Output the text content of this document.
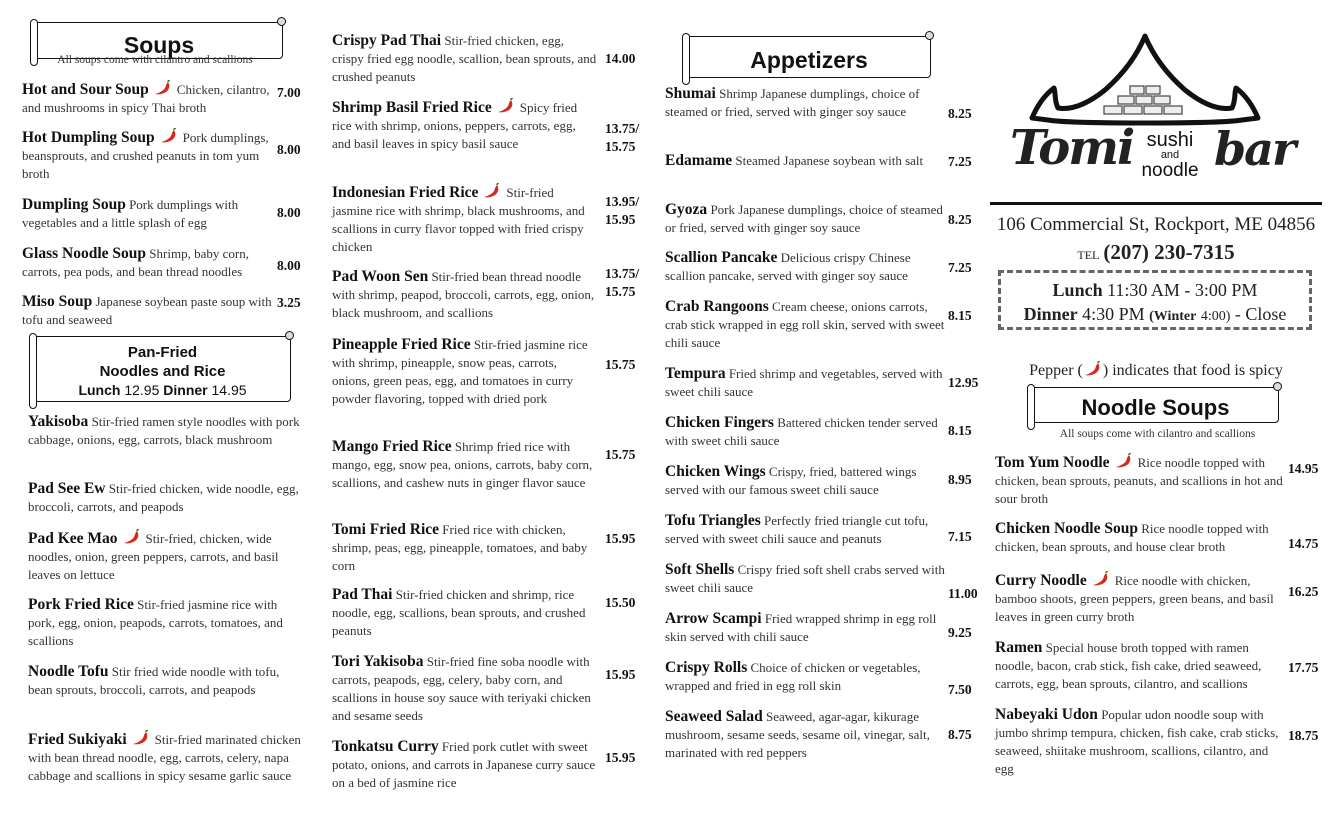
Soups
All soups come with cilantro and scallions
Pan-Fried
Noodles and Rice
Lunch 12.95 Dinner 14.95
Appetizers
Noodle Soups
All soups come with cilantro and scallions
Tomi sushi
and
noodle bar
106 Commercial St, Rockport, ME 04856
TEL (207) 230-7315
Lunch 11:30 AM - 3:00 PM
Dinner 4:30 PM (Winter 4:00) - Close
Pepper ( ) indicates that food is spicy
Hot and Sour Soup Chicken, cilantro, and mushrooms in spicy Thai broth
7.00
Hot Dumpling Soup Pork dumplings, beansprouts, and crushed peanuts in tom yum broth
8.00
Dumpling Soup Pork dumplings with vegetables and a little splash of egg
8.00
Glass Noodle Soup Shrimp, baby corn, carrots, pea pods, and bean thread noodles	8.00
Miso Soup Japanese soybean paste soup with tofu and seaweed
3.25
Yakisoba Stir-fried ramen style noodles with pork cabbage, onions, egg, carrots, black mushroom
Pad See Ew Stir-fried chicken, wide noodle, egg, broccoli, carrots, and peapods
Pad Kee Mao Stir-fried, chicken, wide noodles, onion, green peppers, carrots, and basil leaves on lettuce
Pork Fried Rice Stir-fried jasmine rice with pork, egg, onion, peapods, carrots, tomatoes, and scallions
Noodle Tofu Stir fried wide noodle with tofu, bean sprouts, broccoli, carrots, and peapods
Fried Sukiyaki Stir-fried marinated chicken with bean thread noodle, egg, carrots, celery, napa cabbage and scallions in spicy sesame garlic sauce
Crispy Pad Thai Stir-fried chicken, egg, crispy fried egg noodle, scallion, bean sprouts, and crushed peanuts
14.00
Shrimp Basil Fried Rice Spicy fried rice with shrimp, onions, peppers, carrots, egg, and basil leaves in spicy basil sauce
13.75/ 15.75
Indonesian Fried Rice Stir-fried jasmine rice with shrimp, black mushrooms, and scallions in curry flavor topped with fried crispy chicken
13.95/ 15.95
Pad Woon Sen Stir-fried bean thread noodle with shrimp, peapod, broccoli, carrots, egg, onion, black mushroom, and scallions
13.75/ 15.75
Pineapple Fried Rice Stir-fried jasmine rice with shrimp, pineapple, snow peas, carrots, onions, green peas, egg, and tomatoes in curry powder flavoring, topped with dried pork
15.75
Mango Fried Rice Shrimp fried rice with mango, egg, snow pea, onions, carrots, baby corn, scallions, and cashew nuts in ginger flavor sauce
15.75
Tomi Fried Rice Fried rice with chicken, shrimp, peas, egg, pineapple, tomatoes, and baby corn
15.95
Pad Thai Stir-fried chicken and shrimp, rice noodle, egg, scallions, bean sprouts, and crushed peanuts
15.50
Tori Yakisoba Stir-fried fine soba noodle with carrots, peapods, egg, celery, baby corn, and scallions in house soy sauce with teriyaki chicken and sesame seeds
15.95
Tonkatsu Curry Fried pork cutlet with sweet potato, onions, and carrots in Japanese curry sauce on a bed of jasmine rice
15.95
Shumai Shrimp Japanese dumplings, choice of steamed or fried, served with ginger soy sauce	8.25
Edamame Steamed Japanese soybean with salt	7.25
Gyoza Pork Japanese dumplings, choice of steamed or fried, served with ginger soy sauce
8.25
Scallion Pancake Delicious crispy Chinese scallion pancake, served with ginger soy sauce
7.25
Crab Rangoons Cream cheese, onions carrots, crab stick wrapped in egg roll skin, served with sweet chili sauce
8.15
Tempura Fried shrimp and vegetables, served with sweet chili sauce
12.95
Chicken Fingers Battered chicken tender served with sweet chili sauce
8.15
Chicken Wings Crispy, fried, battered wings served with our famous sweet chili sauce
8.95
Tofu Triangles Perfectly fried triangle cut tofu, served with sweet chili sauce and peanuts	7.15
Soft Shells Crispy fried soft shell crabs served with sweet chili sauce	11.00
Arrow Scampi Fried wrapped shrimp in egg roll skin served with chili sauce	9.25
Crispy Rolls Choice of chicken or vegetables, wrapped and fried in egg roll skin	7.50
Seaweed Salad Seaweed, agar-agar, kikurage mushroom, sesame seeds, sesame oil, vinegar, salt, marinated with red peppers
8.75
Tom Yum Noodle Rice noodle topped with chicken, bean sprouts, peanuts, and scallions in hot and sour broth
14.95
Chicken Noodle Soup Rice noodle topped with chicken, bean sprouts, and house clear broth	14.75
Curry Noodle Rice noodle with chicken, bamboo shoots, green peppers, green beans, and basil leaves in green curry broth
16.25
Ramen Special house broth topped with ramen noodle, bacon, crab stick, fish cake, dried seaweed, carrots, egg, bean sprouts, cilantro, and scallions
17.75
Nabeyaki Udon Popular udon noodle soup with jumbo shrimp tempura, chicken, fish cake, crab sticks, seaweed, shiitake mushroom, scallions, cilantro, and egg
18.75
